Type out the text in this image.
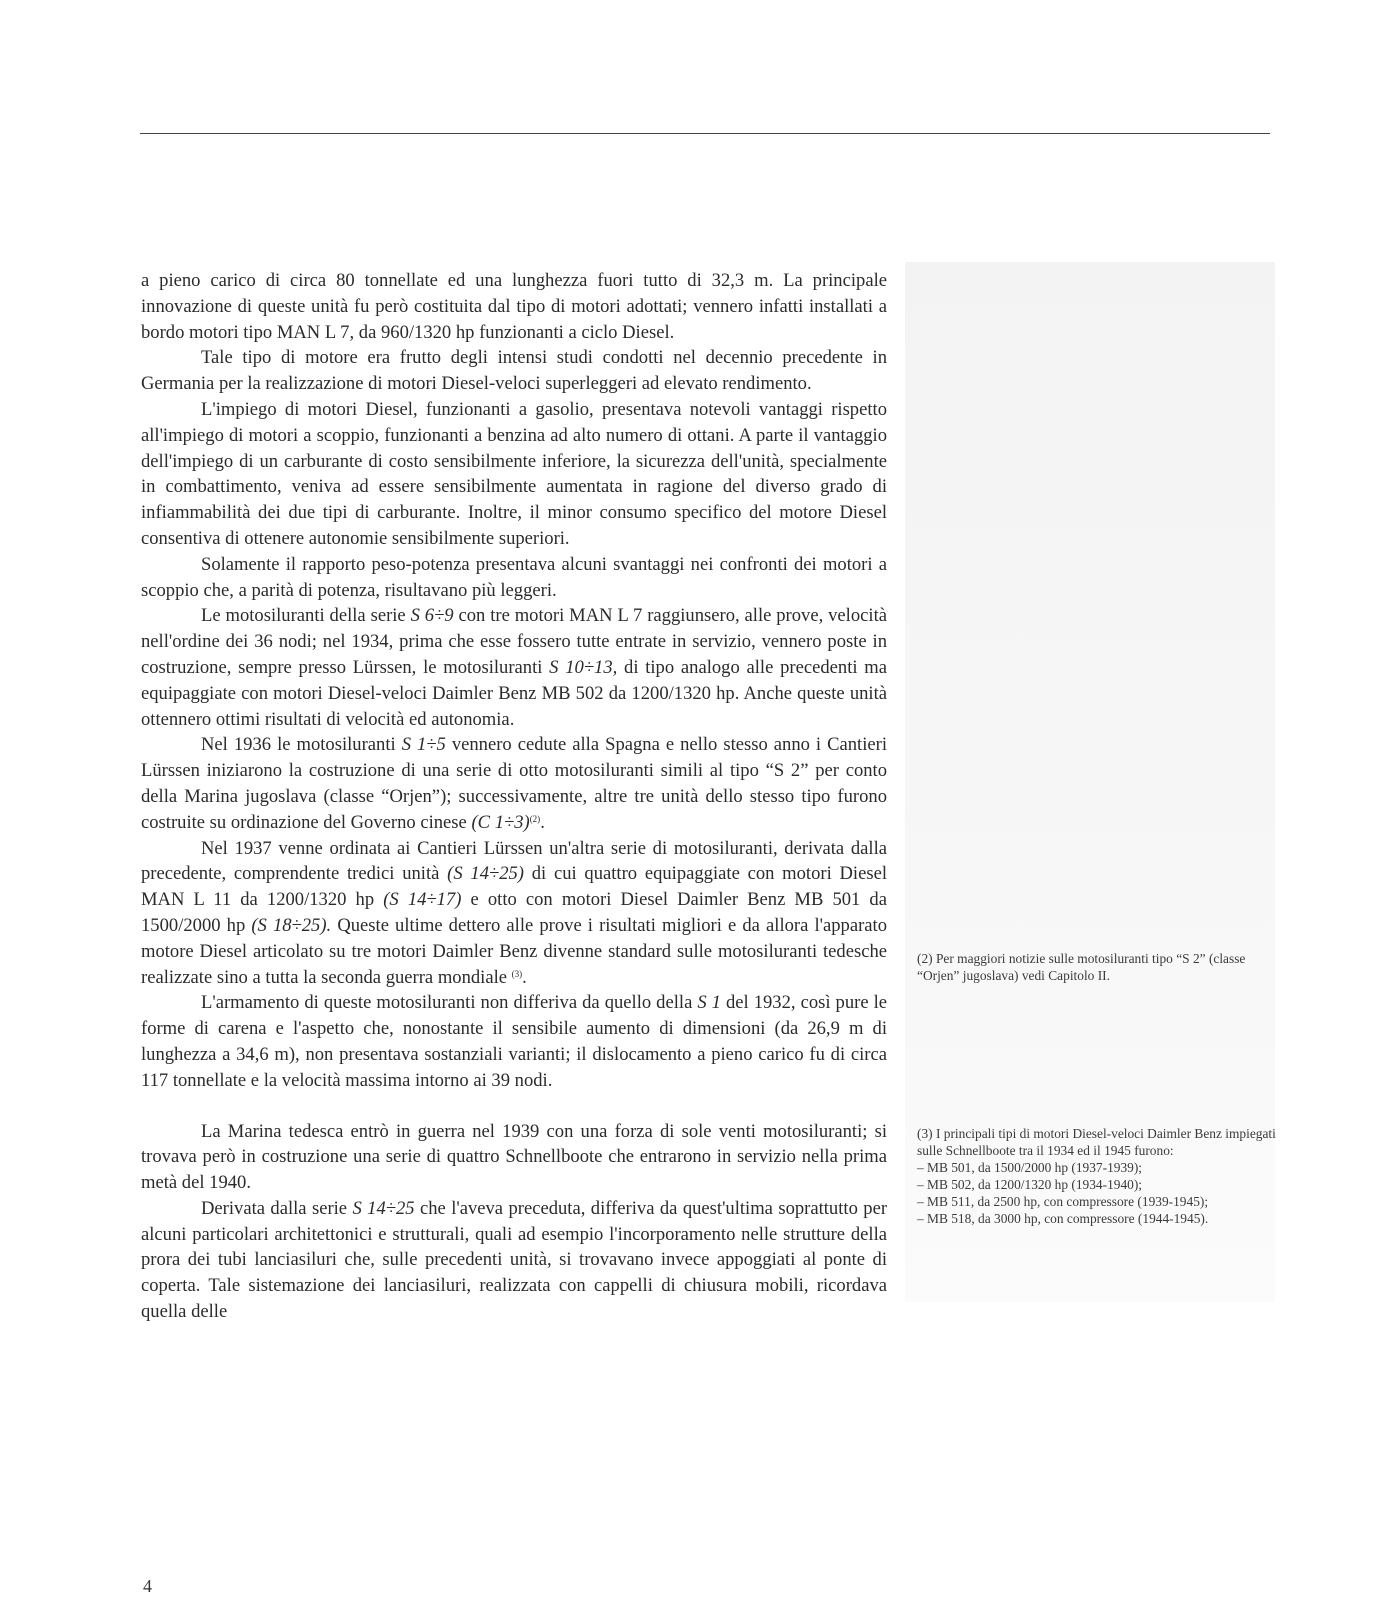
a pieno carico di circa 80 tonnellate ed una lunghezza fuori tutto di 32,3 m. La principale innovazione di queste unità fu però costituita dal tipo di motori adottati; vennero infatti installati a bordo motori tipo MAN L 7, da 960/1320 hp funzionanti a ciclo Diesel.

Tale tipo di motore era frutto degli intensi studi condotti nel decennio precedente in Germania per la realizzazione di motori Diesel-veloci superleggeri ad elevato rendimento.

L'impiego di motori Diesel, funzionanti a gasolio, presentava notevoli vantaggi rispetto all'impiego di motori a scoppio, funzionanti a benzina ad alto numero di ottani. A parte il vantaggio dell'impiego di un carburante di costo sensibilmente inferiore, la sicurezza dell'unità, specialmente in combattimento, veniva ad essere sensibilmente aumentata in ragione del diverso grado di infiammabilità dei due tipi di carburante. Inoltre, il minor consumo specifico del motore Diesel consentiva di ottenere autonomie sensibilmente superiori.

Solamente il rapporto peso-potenza presentava alcuni svantaggi nei confronti dei motori a scoppio che, a parità di potenza, risultavano più leggeri.

Le motosiluranti della serie S 6÷9 con tre motori MAN L 7 raggiunsero, alle prove, velocità nell'ordine dei 36 nodi; nel 1934, prima che esse fossero tutte entrate in servizio, vennero poste in costruzione, sempre presso Lürssen, le motosiluranti S 10÷13, di tipo analogo alle precedenti ma equipaggiate con motori Diesel-veloci Daimler Benz MB 502 da 1200/1320 hp. Anche queste unità ottennero ottimi risultati di velocità ed autonomia.

Nel 1936 le motosiluranti S 1÷5 vennero cedute alla Spagna e nello stesso anno i Cantieri Lürssen iniziarono la costruzione di una serie di otto motosiluranti simili al tipo “S 2” per conto della Marina jugoslava (classe “Orjen”); successivamente, altre tre unità dello stesso tipo furono costruite su ordinazione del Governo cinese (C 1÷3)$^{(2)}$.

Nel 1937 venne ordinata ai Cantieri Lürssen un'altra serie di motosiluranti, derivata dalla precedente, comprendente tredici unità (S 14÷25) di cui quattro equipaggiate con motori Diesel MAN L 11 da 1200/1320 hp (S 14÷17) e otto con motori Diesel Daimler Benz MB 501 da 1500/2000 hp (S 18÷25). Queste ultime dettero alle prove i risultati migliori e da allora l'apparato motore Diesel articolato su tre motori Daimler Benz divenne standard sulle motosiluranti tedesche realizzate sino a tutta la seconda guerra mondiale $^{(3)}$.

L'armamento di queste motosiluranti non differiva da quello della S 1 del 1932, così pure le forme di carena e l'aspetto che, nonostante il sensibile aumento di dimensioni (da 26,9 m di lunghezza a 34,6 m), non presentava sostanziali varianti; il dislocamento a pieno carico fu di circa 117 tonnellate e la velocità massima intorno ai 39 nodi.

La Marina tedesca entrò in guerra nel 1939 con una forza di sole venti motosiluranti; si trovava però in costruzione una serie di quattro Schnellboote che entrarono in servizio nella prima metà del 1940.

Derivata dalla serie S 14÷25 che l'aveva preceduta, differiva da quest'ultima soprattutto per alcuni particolari architettonici e strutturali, quali ad esempio l'incorporamento nelle strutture della prora dei tubi lanciasiluri che, sulle precedenti unità, si trovavano invece appoggiati al ponte di coperta. Tale sistemazione dei lanciasiluri, realizzata con cappelli di chiusura mobili, ricordava quella delle

(2) Per maggiori notizie sulle motosiluranti tipo “S 2” (classe “Orjen” jugoslava) vedi Capitolo II.

(3) I principali tipi di motori Diesel-veloci Daimler Benz impiegati sulle Schnellboote tra il 1934 ed il 1945 furono:

– MB 501, da 1500/2000 hp (1937-1939);

– MB 502, da 1200/1320 hp (1934-1940);

– MB 511, da 2500 hp, con compressore (1939-1945);

– MB 518, da 3000 hp, con compressore (1944-1945).

4
